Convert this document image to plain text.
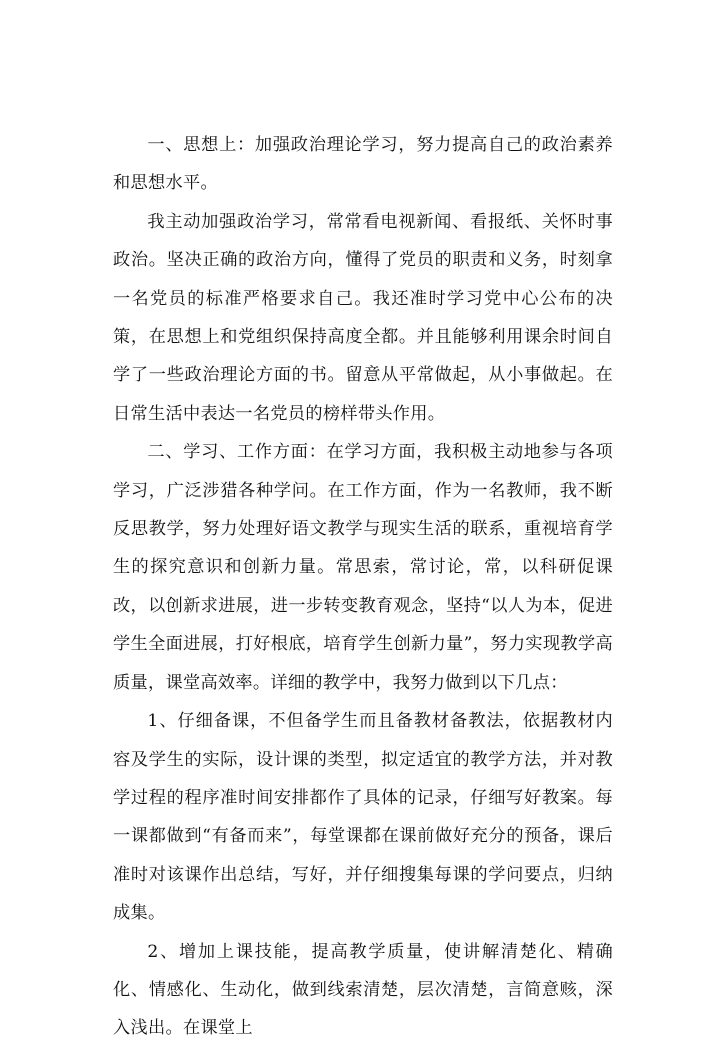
一、思想上：加强政治理论学习，努力提高自己的政治素养和思想水平。

我主动加强政治学习，常常看电视新闻、看报纸、关怀时事政治。坚决正确的政治方向，懂得了党员的职责和义务，时刻拿一名党员的标准严格要求自己。我还准时学习党中心公布的决策，在思想上和党组织保持高度全都。并且能够利用课余时间自学了一些政治理论方面的书。留意从平常做起，从小事做起。在日常生活中表达一名党员的榜样带头作用。

二、学习、工作方面：在学习方面，我积极主动地参与各项学习，广泛涉猎各种学问。在工作方面，作为一名教师，我不断反思教学，努力处理好语文教学与现实生活的联系，重视培育学生的探究意识和创新力量。常思索，常讨论，常，以科研促课改，以创新求进展，进一步转变教育观念，坚持“以人为本，促进学生全面进展，打好根底，培育学生创新力量”，努力实现教学高质量，课堂高效率。详细的教学中，我努力做到以下几点：

1、仔细备课，不但备学生而且备教材备教法，依据教材内容及学生的实际，设计课的类型，拟定适宜的教学方法，并对教学过程的程序准时间安排都作了具体的记录，仔细写好教案。每一课都做到“有备而来”，每堂课都在课前做好充分的预备，课后准时对该课作出总结，写好，并仔细搜集每课的学问要点，归纳成集。

2、增加上课技能，提高教学质量，使讲解清楚化、精确化、情感化、生动化，做到线索清楚，层次清楚，言简意赅，深入浅出。在课堂上
